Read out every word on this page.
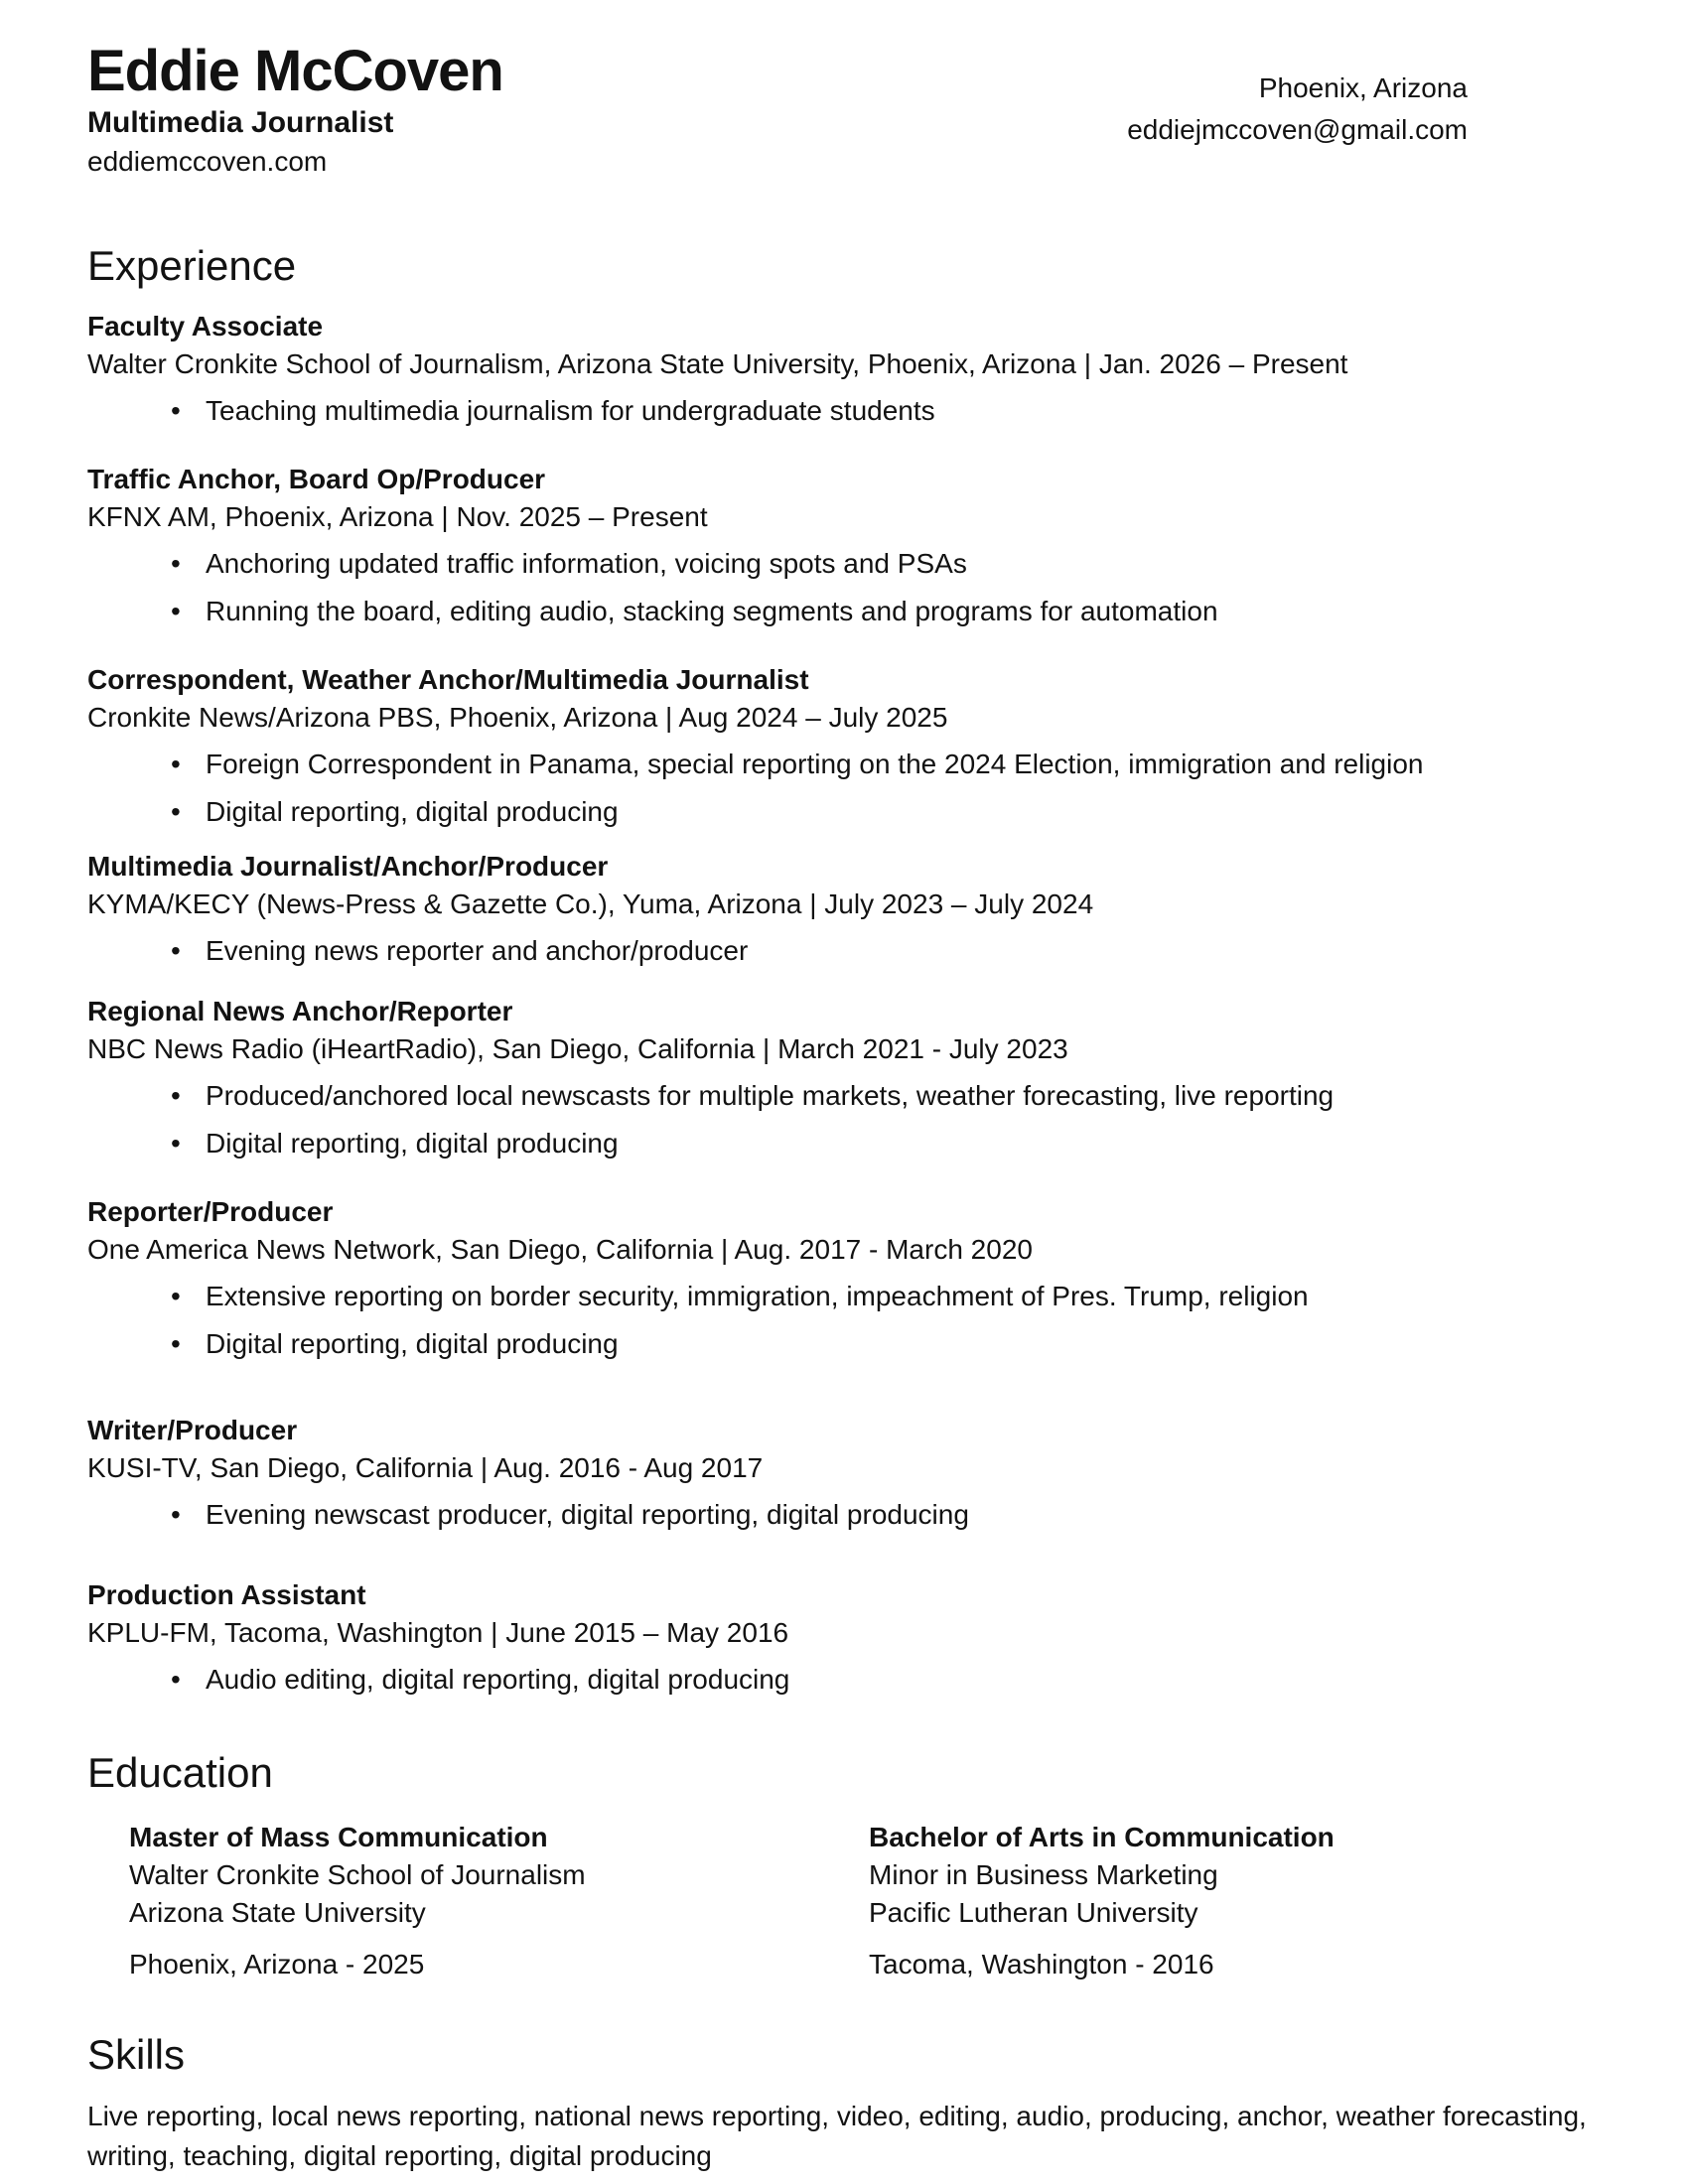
Eddie McCoven
Multimedia Journalist
eddiemccoven.com
Phoenix, Arizona
eddiejmccoven@gmail.com
Experience
Faculty Associate
Walter Cronkite School of Journalism, Arizona State University, Phoenix, Arizona | Jan. 2026 – Present
• Teaching multimedia journalism for undergraduate students
Traffic Anchor, Board Op/Producer
KFNX AM, Phoenix, Arizona | Nov. 2025 – Present
• Anchoring updated traffic information, voicing spots and PSAs
• Running the board, editing audio, stacking segments and programs for automation
Correspondent, Weather Anchor/Multimedia Journalist
Cronkite News/Arizona PBS, Phoenix, Arizona | Aug 2024 – July 2025
• Foreign Correspondent in Panama, special reporting on the 2024 Election, immigration and religion
• Digital reporting, digital producing
Multimedia Journalist/Anchor/Producer
KYMA/KECY (News-Press & Gazette Co.), Yuma, Arizona | July 2023 – July 2024
• Evening news reporter and anchor/producer
Regional News Anchor/Reporter
NBC News Radio (iHeartRadio), San Diego, California | March 2021 - July 2023
• Produced/anchored local newscasts for multiple markets, weather forecasting, live reporting
• Digital reporting, digital producing
Reporter/Producer
One America News Network, San Diego, California | Aug. 2017 - March 2020
• Extensive reporting on border security, immigration, impeachment of Pres. Trump, religion
• Digital reporting, digital producing
Writer/Producer
KUSI-TV, San Diego, California | Aug. 2016 - Aug 2017
• Evening newscast producer, digital reporting, digital producing
Production Assistant
KPLU-FM, Tacoma, Washington | June 2015 – May 2016
• Audio editing, digital reporting, digital producing
Education
Master of Mass Communication
Walter Cronkite School of Journalism
Arizona State University
Phoenix, Arizona - 2025
Bachelor of Arts in Communication
Minor in Business Marketing
Pacific Lutheran University
Tacoma, Washington - 2016
Skills

Live reporting, local news reporting, national news reporting, video, editing, audio, producing, anchor, weather forecasting, writing, teaching, digital reporting, digital producing
